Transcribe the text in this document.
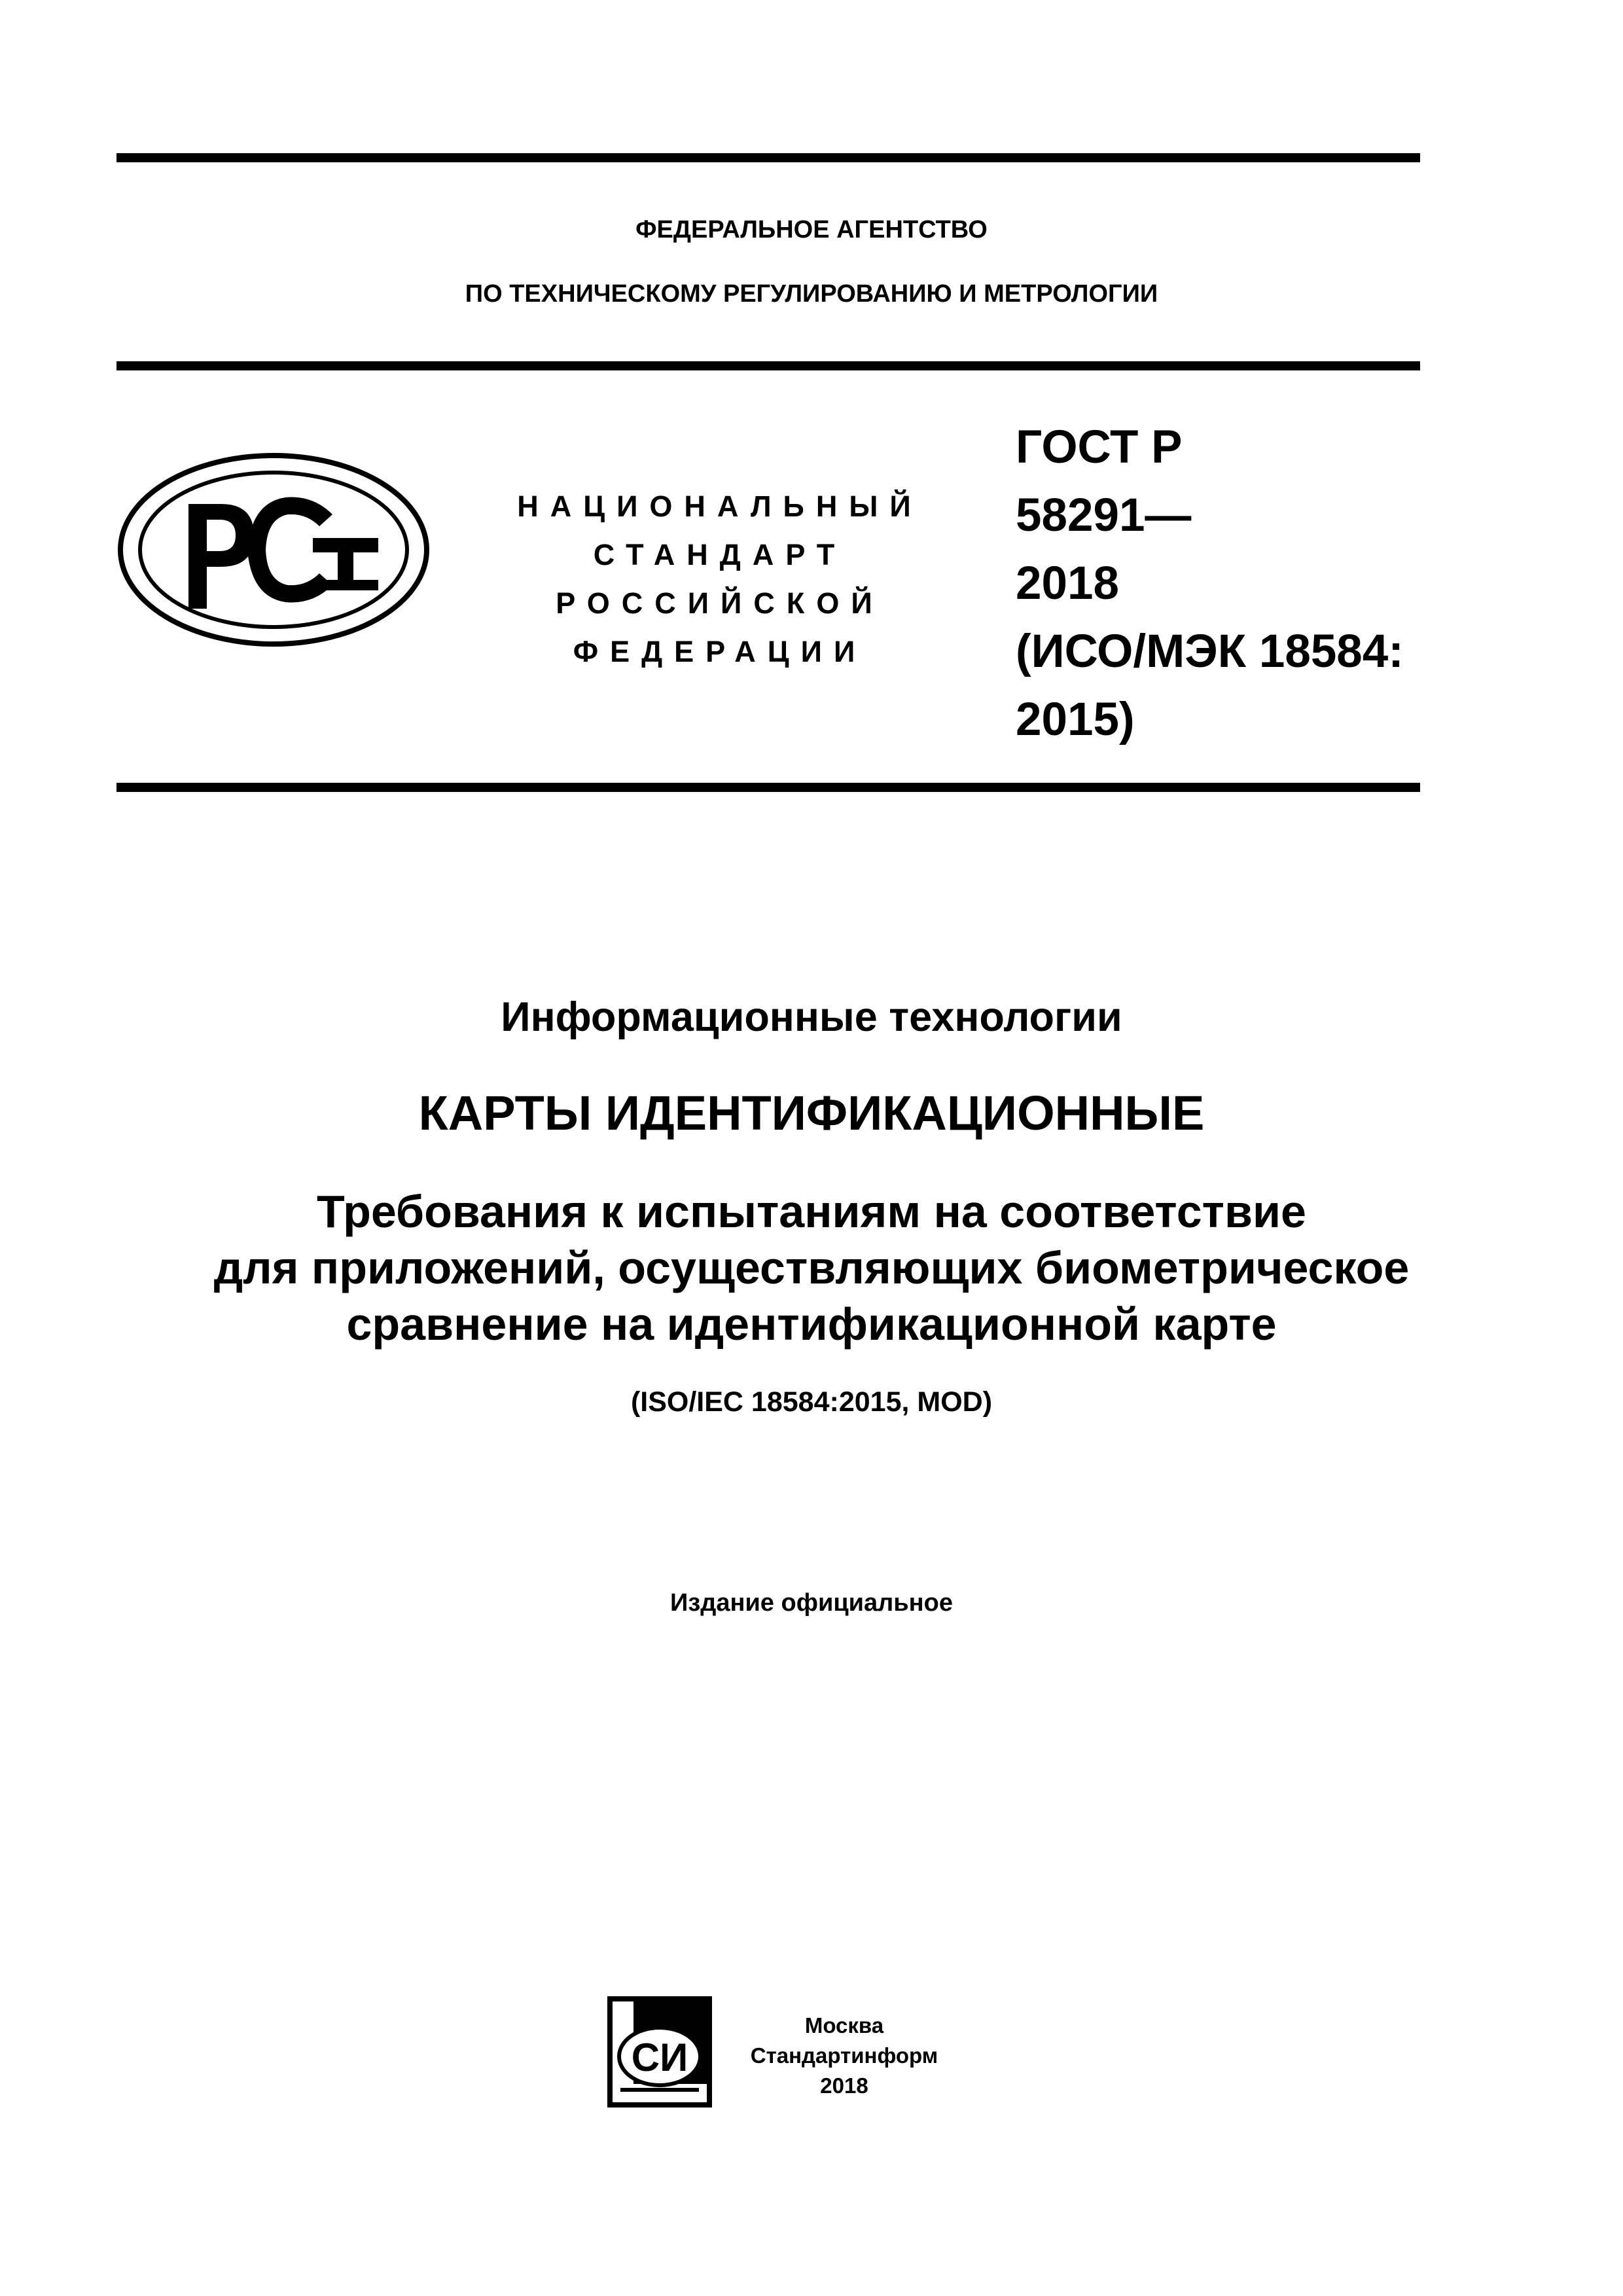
ФЕДЕРАЛЬНОЕ АГЕНТСТВО
ПО ТЕХНИЧЕСКОМУ РЕГУЛИРОВАНИЮ И МЕТРОЛОГИИ
НАЦИОНАЛЬНЫЙ
СТАНДАРТ
РОССИЙСКОЙ
ФЕДЕРАЦИИ
ГОСТ Р
58291—
2018
(ИСО/МЭК 18584:
2015)
Информационные технологии
КАРТЫ ИДЕНТИФИКАЦИОННЫЕ
Требования к испытаниям на соответствие
для приложений, осуществляющих биометрическое
сравнение на идентификационной карте
(ISO/IEC 18584:2015, MOD)
Издание официальное
СИ
Москва
Стандартинформ
2018
